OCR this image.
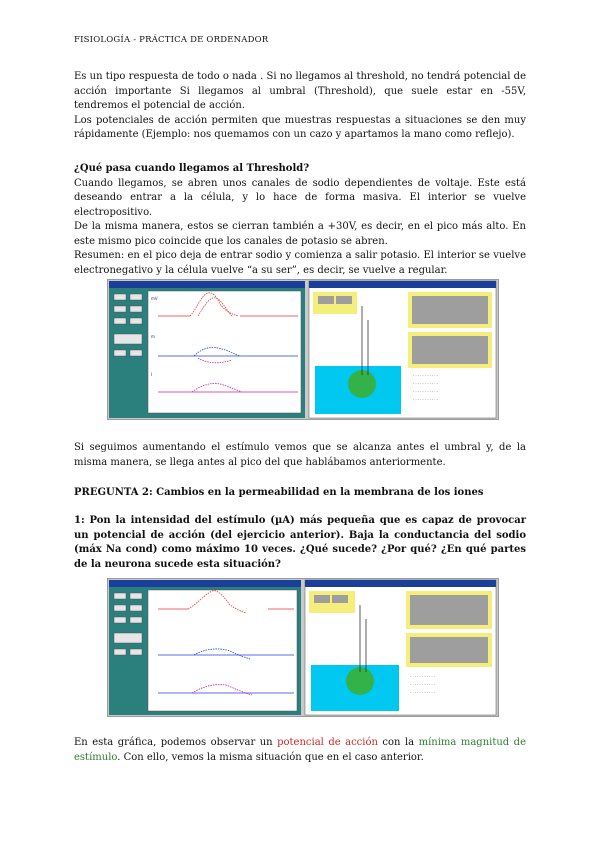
FISIOLOGÍA - PRÁCTICA DE ORDENADOR

Es un tipo respuesta de todo o nada . Si no llegamos al threshold, no tendrá potencial de acción importante Si llegamos al umbral (Threshold), que suele estar en -55V, tendremos el potencial de acción.

Los potenciales de acción permiten que muestras respuestas a situaciones se den muy rápidamente (Ejemplo: nos quemamos con un cazo y apartamos la mano como reflejo).

¿Qué pasa cuando llegamos al Threshold?

Cuando llegamos, se abren unos canales de sodio dependientes de voltaje. Este está deseando entrar a la célula, y lo hace de forma masiva. El interior se vuelve electropositivo.

De la misma manera, estos se cierran también a +30V, es decir, en el pico más alto. En este mismo pico coincide que los canales de potasio se abren.

Resumen: en el pico deja de entrar sodio y comienza a salir potasio. El interior se vuelve electronegativo y la célula vuelve “a su ser”, es decir, se vuelve a regular.

mV
m
I	- - - - - - - - - - -
- - - - - - - - - - -
- - - - - - - - - - -
- - - - - - - - - - -

Si seguimos aumentando el estímulo vemos que se alcanza antes el umbral y, de la misma manera, se llega antes al pico del que hablábamos anteriormente.

PREGUNTA 2: Cambios en la permeabilidad en la membrana de los iones

1: Pon la intensidad del estímulo (µA) más pequeña que es capaz de provocar un potencial de acción (del ejercicio anterior). Baja la conductancia del sodio (máx Na cond) como máximo 10 veces. ¿Qué sucede? ¿Por qué? ¿En qué partes de la neurona sucede esta situación?

- - - - - - - - - - -
- - - - - - - - - - -
- - - - - - - - - - -

En esta gráfica, podemos observar un potencial de acción con la mínima magnitud de estímulo. Con ello, vemos la misma situación que en el caso anterior.
